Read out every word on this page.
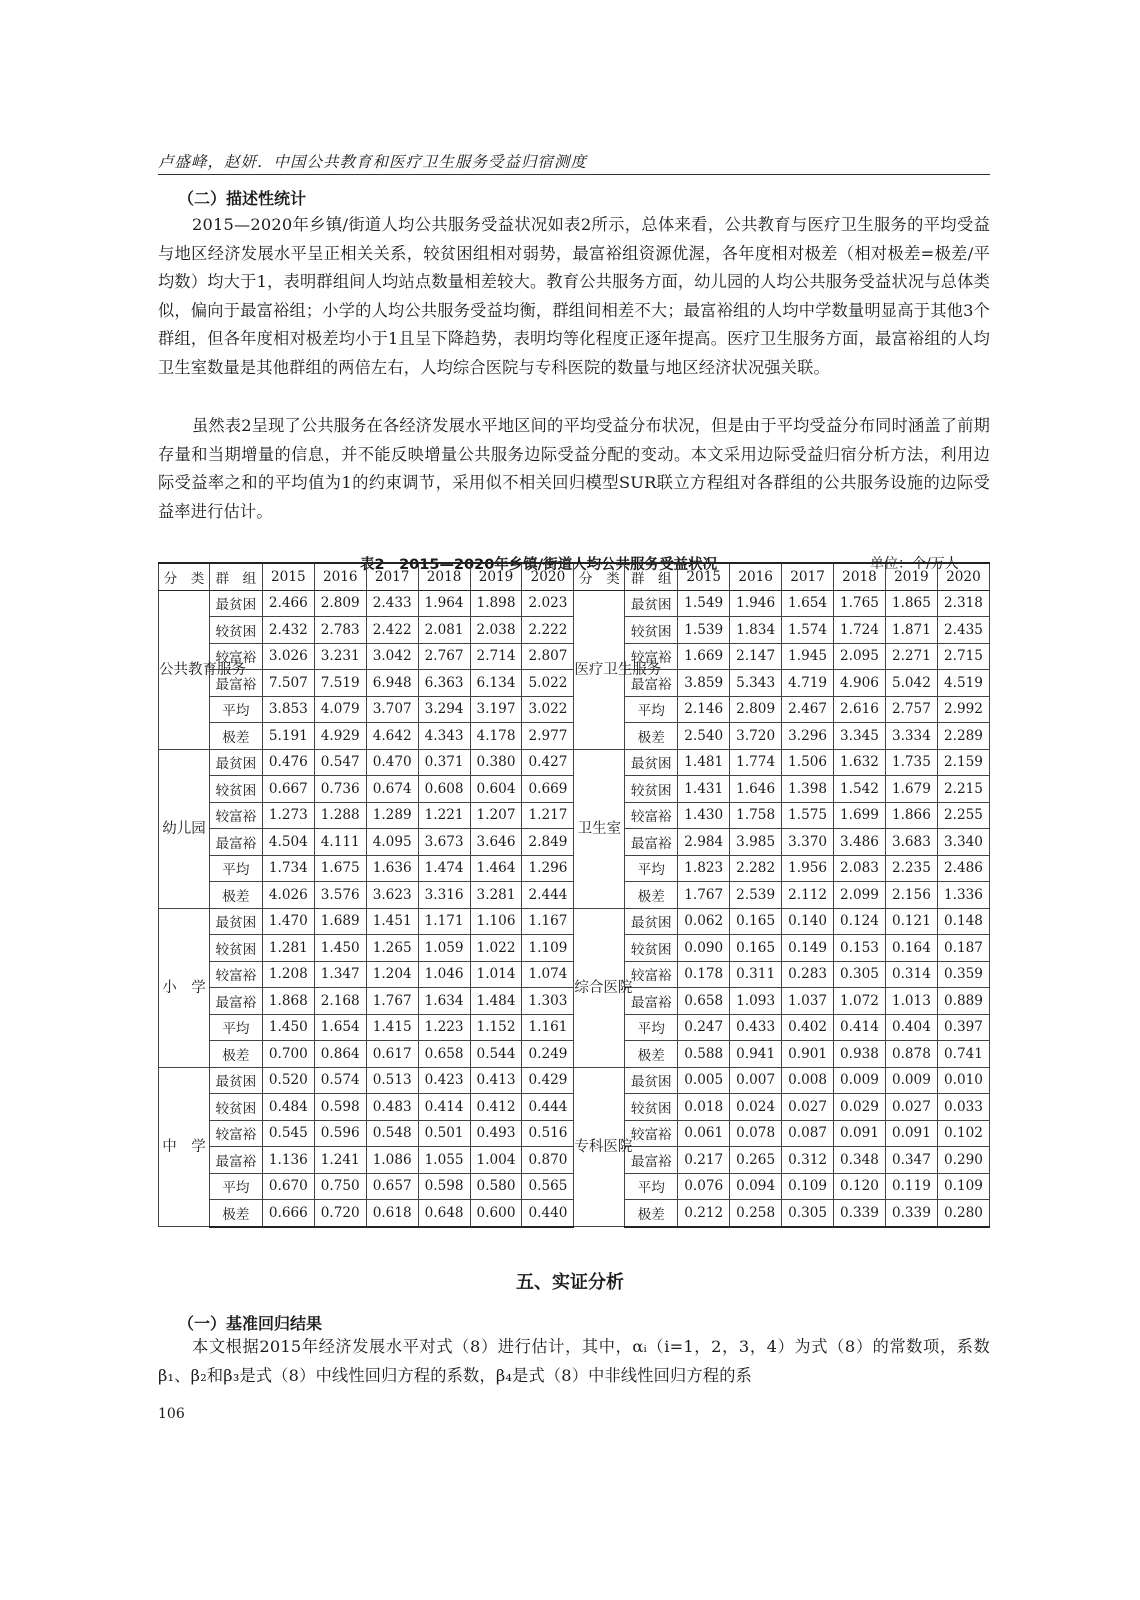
卢盛峰，赵妍．中国公共教育和医疗卫生服务受益归宿测度
（二）描述性统计

2015—2020年乡镇/街道人均公共服务受益状况如表2所示，总体来看，公共教育与医疗卫生服务的平均受益与地区经济发展水平呈正相关关系，较贫困组相对弱势，最富裕组资源优渥，各年度相对极差（相对极差=极差/平均数）均大于1，表明群组间人均站点数量相差较大。教育公共服务方面，幼儿园的人均公共服务受益状况与总体类似，偏向于最富裕组；小学的人均公共服务受益均衡，群组间相差不大；最富裕组的人均中学数量明显高于其他3个群组，但各年度相对极差均小于1且呈下降趋势，表明均等化程度正逐年提高。医疗卫生服务方面，最富裕组的人均卫生室数量是其他群组的两倍左右，人均综合医院与专科医院的数量与地区经济状况强关联。

虽然表2呈现了公共服务在各经济发展水平地区间的平均受益分布状况，但是由于平均受益分布同时涵盖了前期存量和当期增量的信息，并不能反映增量公共服务边际受益分配的变动。本文采用边际受益归宿分析方法，利用边际受益率之和的平均值为1的约束调节，采用似不相关回归模型SUR联立方程组对各群组的公共服务设施的边际受益率进行估计。

表2　2015—2020年乡镇/街道人均公共服务受益状况	单位：个/万人
分　类	群　组	2015	2016	2017	2018	2019	2020	分　类	群　组	2015	2016	2017	2018	2019	2020
公共教育服务	最贫困	2.466	2.809	2.433	1.964	1.898	2.023	医疗卫生服务	最贫困	1.549	1.946	1.654	1.765	1.865	2.318
	较贫困	2.432	2.783	2.422	2.081	2.038	2.222		较贫困	1.539	1.834	1.574	1.724	1.871	2.435
	较富裕	3.026	3.231	3.042	2.767	2.714	2.807		较富裕	1.669	2.147	1.945	2.095	2.271	2.715
	最富裕	7.507	7.519	6.948	6.363	6.134	5.022		最富裕	3.859	5.343	4.719	4.906	5.042	4.519
	平均	3.853	4.079	3.707	3.294	3.197	3.022		平均	2.146	2.809	2.467	2.616	2.757	2.992
	极差	5.191	4.929	4.642	4.343	4.178	2.977		极差	2.540	3.720	3.296	3.345	3.334	2.289
幼儿园	最贫困	0.476	0.547	0.470	0.371	0.380	0.427	卫生室	最贫困	1.481	1.774	1.506	1.632	1.735	2.159
	较贫困	0.667	0.736	0.674	0.608	0.604	0.669		较贫困	1.431	1.646	1.398	1.542	1.679	2.215
	较富裕	1.273	1.288	1.289	1.221	1.207	1.217		较富裕	1.430	1.758	1.575	1.699	1.866	2.255
	最富裕	4.504	4.111	4.095	3.673	3.646	2.849		最富裕	2.984	3.985	3.370	3.486	3.683	3.340
	平均	1.734	1.675	1.636	1.474	1.464	1.296		平均	1.823	2.282	1.956	2.083	2.235	2.486
	极差	4.026	3.576	3.623	3.316	3.281	2.444		极差	1.767	2.539	2.112	2.099	2.156	1.336
小　学	最贫困	1.470	1.689	1.451	1.171	1.106	1.167	综合医院	最贫困	0.062	0.165	0.140	0.124	0.121	0.148
	较贫困	1.281	1.450	1.265	1.059	1.022	1.109		较贫困	0.090	0.165	0.149	0.153	0.164	0.187
	较富裕	1.208	1.347	1.204	1.046	1.014	1.074		较富裕	0.178	0.311	0.283	0.305	0.314	0.359
	最富裕	1.868	2.168	1.767	1.634	1.484	1.303		最富裕	0.658	1.093	1.037	1.072	1.013	0.889
	平均	1.450	1.654	1.415	1.223	1.152	1.161		平均	0.247	0.433	0.402	0.414	0.404	0.397
	极差	0.700	0.864	0.617	0.658	0.544	0.249		极差	0.588	0.941	0.901	0.938	0.878	0.741
中　学	最贫困	0.520	0.574	0.513	0.423	0.413	0.429	专科医院	最贫困	0.005	0.007	0.008	0.009	0.009	0.010
	较贫困	0.484	0.598	0.483	0.414	0.412	0.444		较贫困	0.018	0.024	0.027	0.029	0.027	0.033
	较富裕	0.545	0.596	0.548	0.501	0.493	0.516		较富裕	0.061	0.078	0.087	0.091	0.091	0.102
	最富裕	1.136	1.241	1.086	1.055	1.004	0.870		最富裕	0.217	0.265	0.312	0.348	0.347	0.290
	平均	0.670	0.750	0.657	0.598	0.580	0.565		平均	0.076	0.094	0.109	0.120	0.119	0.109
	极差	0.666	0.720	0.618	0.648	0.600	0.440		极差	0.212	0.258	0.305	0.339	0.339	0.280
五、实证分析
（一）基准回归结果

本文根据2015年经济发展水平对式（8）进行估计，其中，αᵢ（i=1，2，3，4）为式（8）的常数项，系数β₁、β₂和β₃是式（8）中线性回归方程的系数，β₄是式（8）中非线性回归方程的系

106
